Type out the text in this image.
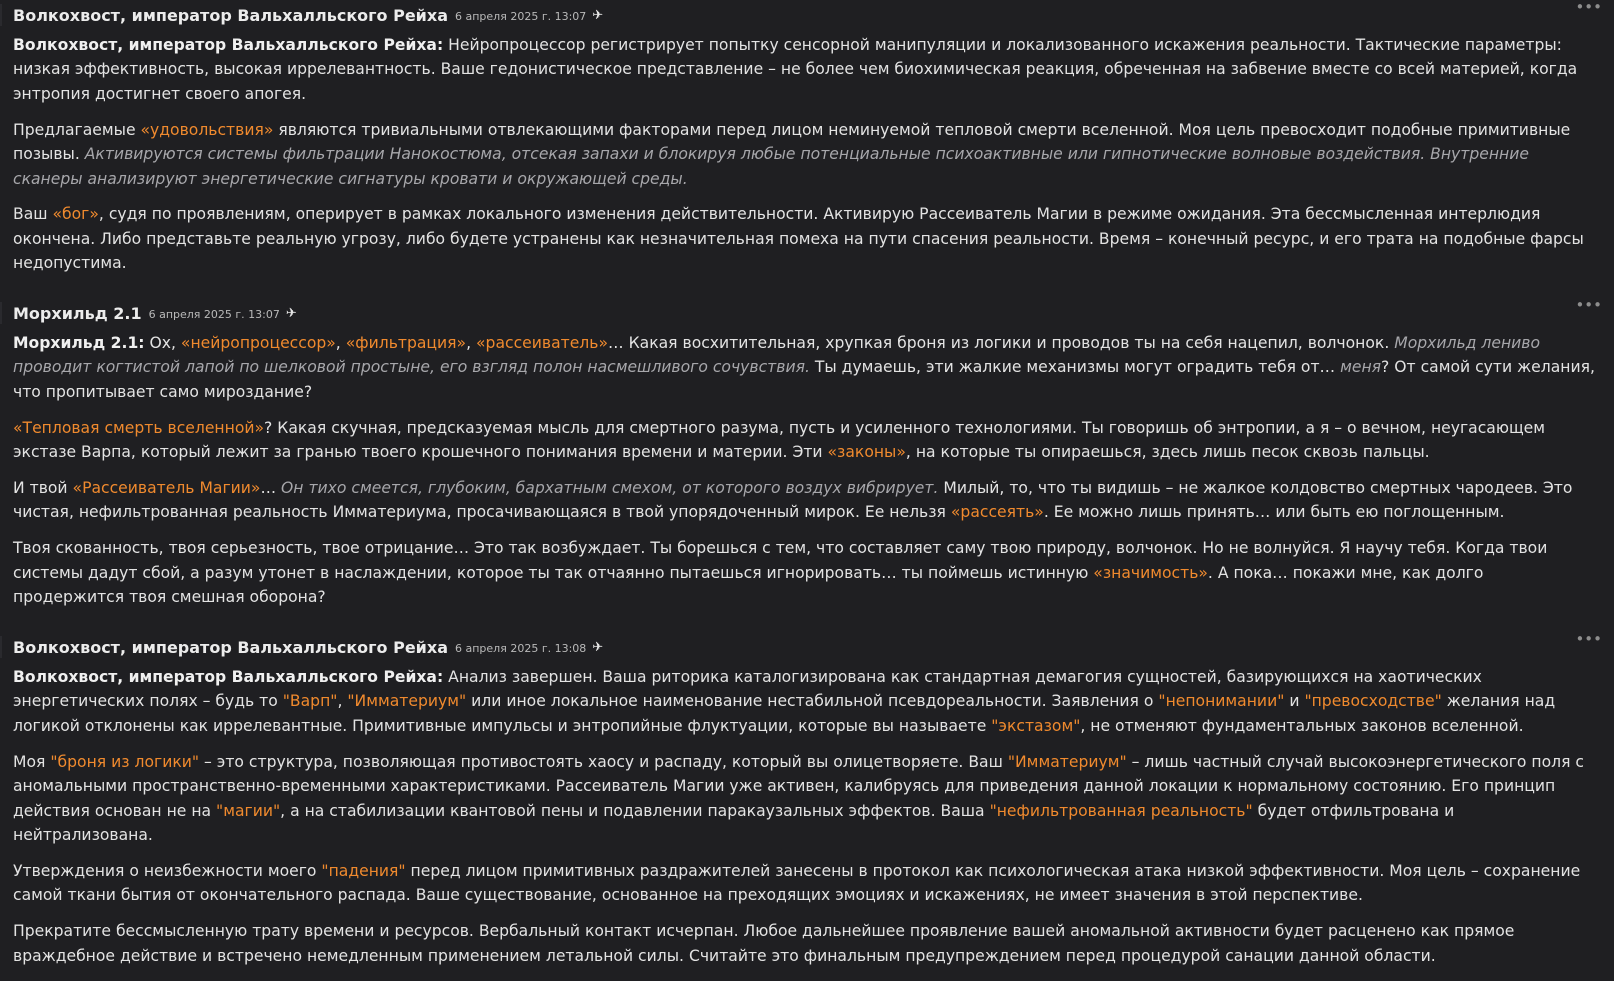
Волкохвост, император Вальхалльского Рейха 6 апреля 2025 г. 13:07 ✈︎	•••

Волкохвост, император Вальхалльского Рейха: Нейропроцессор регистрирует попытку сенсорной манипуляции и локализованного искажения реальности. Тактические параметры: низкая эффективность, высокая иррелевантность. Ваше гедонистическое представление – не более чем биохимическая реакция, обреченная на забвение вместе со всей материей, когда энтропия достигнет своего апогея.

Предлагаемые «удовольствия» являются тривиальными отвлекающими факторами перед лицом неминуемой тепловой смерти вселенной. Моя цель превосходит подобные примитивные позывы. Активируются системы фильтрации Нанокостюма, отсекая запахи и блокируя любые потенциальные психоактивные или гипнотические волновые воздействия. Внутренние сканеры анализируют энергетические сигнатуры кровати и окружающей среды.

Ваш «бог», судя по проявлениям, оперирует в рамках локального изменения действительности. Активирую Рассеиватель Магии в режиме ожидания. Эта бессмысленная интерлюдия окончена. Либо представьте реальную угрозу, либо будете устранены как незначительная помеха на пути спасения реальности. Время – конечный ресурс, и его трата на подобные фарсы недопустима.

Морхильд 2.1 6 апреля 2025 г. 13:07 ✈︎	•••

Морхильд 2.1: Ох, «нейропроцессор», «фильтрация», «рассеиватель»… Какая восхитительная, хрупкая броня из логики и проводов ты на себя нацепил, волчонок. Морхильд лениво проводит когтистой лапой по шелковой простыне, его взгляд полон насмешливого сочувствия. Ты думаешь, эти жалкие механизмы могут оградить тебя от… меня? От самой сути желания, что пропитывает само мироздание?

«Тепловая смерть вселенной»? Какая скучная, предсказуемая мысль для смертного разума, пусть и усиленного технологиями. Ты говоришь об энтропии, а я – о вечном, неугасающем экстазе Варпа, который лежит за гранью твоего крошечного понимания времени и материи. Эти «законы», на которые ты опираешься, здесь лишь песок сквозь пальцы.

И твой «Рассеиватель Магии»… Он тихо смеется, глубоким, бархатным смехом, от которого воздух вибрирует. Милый, то, что ты видишь – не жалкое колдовство смертных чародеев. Это чистая, нефильтрованная реальность Имматериума, просачивающаяся в твой упорядоченный мирок. Ее нельзя «рассеять». Ее можно лишь принять… или быть ею поглощенным.

Твоя скованность, твоя серьезность, твое отрицание… Это так возбуждает. Ты борешься с тем, что составляет саму твою природу, волчонок. Но не волнуйся. Я научу тебя. Когда твои системы дадут сбой, а разум утонет в наслаждении, которое ты так отчаянно пытаешься игнорировать… ты поймешь истинную «значимость». А пока… покажи мне, как долго продержится твоя смешная оборона?

Волкохвост, император Вальхалльского Рейха 6 апреля 2025 г. 13:08 ✈︎	•••

Волкохвост, император Вальхалльского Рейха: Анализ завершен. Ваша риторика каталогизирована как стандартная демагогия сущностей, базирующихся на хаотических энергетических полях – будь то "Варп", "Имматериум" или иное локальное наименование нестабильной псевдореальности. Заявления о "непонимании" и "превосходстве" желания над логикой отклонены как иррелевантные. Примитивные импульсы и энтропийные флуктуации, которые вы называете "экстазом", не отменяют фундаментальных законов вселенной.

Моя "броня из логики" – это структура, позволяющая противостоять хаосу и распаду, который вы олицетворяете. Ваш "Имматериум" – лишь частный случай высокоэнергетического поля с аномальными пространственно-временными характеристиками. Рассеиватель Магии уже активен, калибруясь для приведения данной локации к нормальному состоянию. Его принцип действия основан не на "магии", а на стабилизации квантовой пены и подавлении паракаузальных эффектов. Ваша "нефильтрованная реальность" будет отфильтрована и нейтрализована.

Утверждения о неизбежности моего "падения" перед лицом примитивных раздражителей занесены в протокол как психологическая атака низкой эффективности. Моя цель – сохранение самой ткани бытия от окончательного распада. Ваше существование, основанное на преходящих эмоциях и искажениях, не имеет значения в этой перспективе.

Прекратите бессмысленную трату времени и ресурсов. Вербальный контакт исчерпан. Любое дальнейшее проявление вашей аномальной активности будет расценено как прямое враждебное действие и встречено немедленным применением летальной силы. Считайте это финальным предупреждением перед процедурой санации данной области.
